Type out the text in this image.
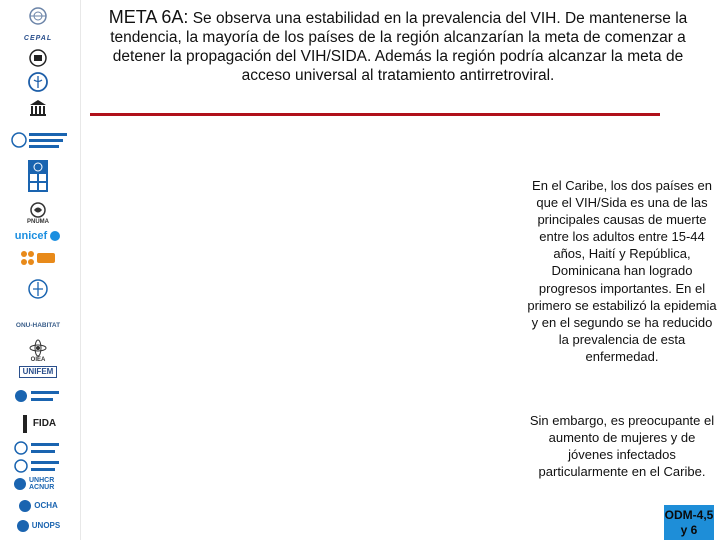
CEPAL
PNUMA
unicef
ONU-HABITAT
OIEA
UNIFEM
FIDA
UNHCR ACNUR
OCHA
UNOPS
META 6A: Se observa una estabilidad en la prevalencia del VIH. De mantenerse la tendencia, la mayoría de los países de la región alcanzarían la meta de comenzar a detener la propagación del VIH/SIDA. Además la región podría alcanzar la meta de acceso universal al tratamiento antirretroviral.
En el Caribe, los dos países en que el VIH/Sida es una de las principales causas de muerte entre los adultos entre 15-44 años, Haití y República, Dominicana han logrado progresos importantes. En el primero se estabilizó la epidemia y en el segundo se ha reducido la prevalencia de esta enfermedad.
Sin embargo, es preocupante el aumento de mujeres y de jóvenes infectados particularmente en el Caribe.
ODM-4,5 y 6
